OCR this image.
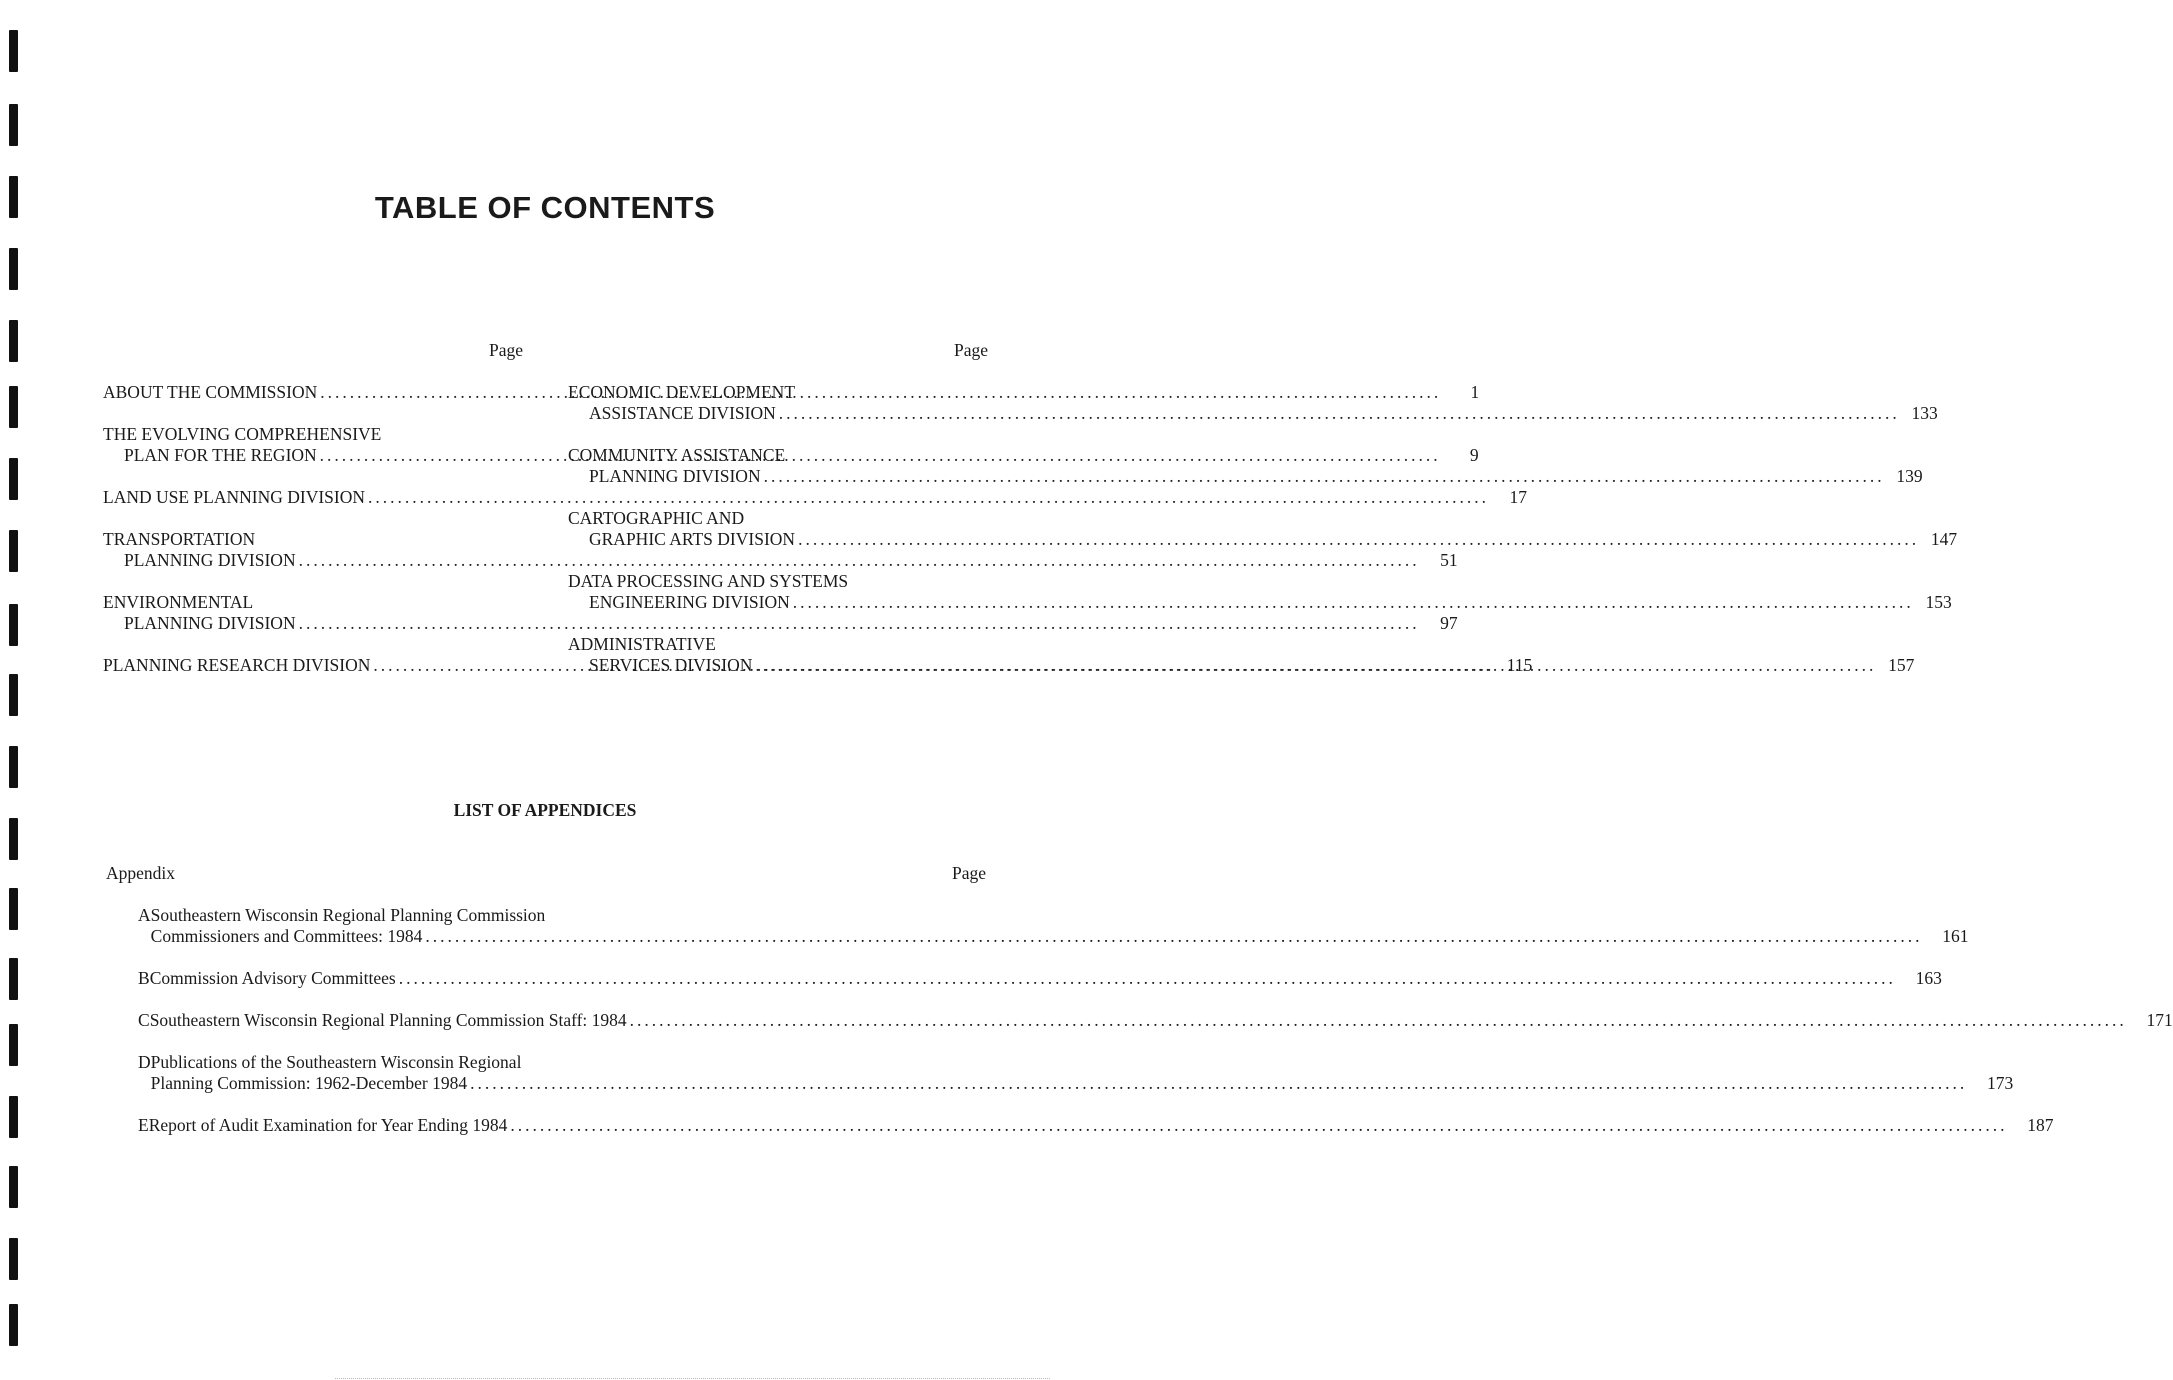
TABLE OF CONTENTS
Page
ABOUT THE COMMISSION .....	1
THE EVOLVING COMPREHENSIVE
PLAN FOR THE REGION .....	9
LAND USE PLANNING DIVISION .....	17
TRANSPORTATION
PLANNING DIVISION .....	51
ENVIRONMENTAL
PLANNING DIVISION .....	97
PLANNING RESEARCH DIVISION .....	115
Page
ECONOMIC DEVELOPMENT
ASSISTANCE DIVISION .....	133
COMMUNITY ASSISTANCE
PLANNING DIVISION .....	139
CARTOGRAPHIC AND
GRAPHIC ARTS DIVISION .....	147
DATA PROCESSING AND SYSTEMS
ENGINEERING DIVISION .....	153
ADMINISTRATIVE
SERVICES DIVISION .....	157
LIST OF APPENDICES
Appendix	Page
A Southeastern Wisconsin Regional Planning Commission
Commissioners and Committees: 1984 .....	161
B Commission Advisory Committees .....	163
C Southeastern Wisconsin Regional Planning Commission Staff: 1984 .....	171
D Publications of the Southeastern Wisconsin Regional
Planning Commission: 1962-December 1984 .....	173
E Report of Audit Examination for Year Ending 1984 .....	187
